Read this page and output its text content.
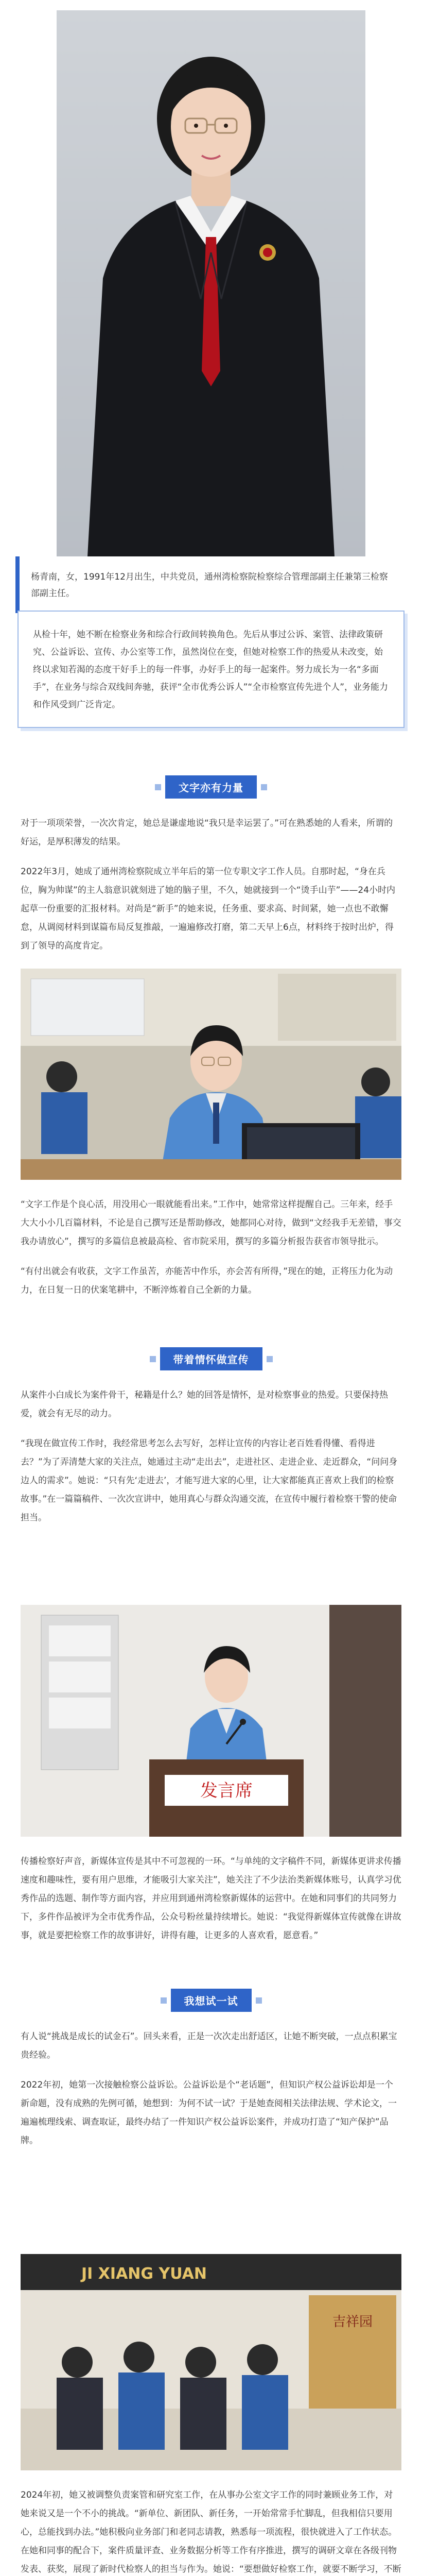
杨青南，女，1991年12月出生，中共党员，通州湾检察院检察综合管理部副主任兼第三检察部副主任。

从检十年，她不断在检察业务和综合行政间转换角色。先后从事过公诉、案管、法律政策研究、公益诉讼、宣传、办公室等工作，虽然岗位在变，但她对检察工作的热爱从未改变，始终以求知若渴的态度干好手上的每一件事，办好手上的每一起案件。努力成长为一名“多面手”，在业务与综合双线间奔驰，获评“全市优秀公诉人”“全市检察宣传先进个人”，业务能力和作风受到广泛肯定。

文字亦有力量

对于一项项荣誉，一次次肯定，她总是谦虚地说“我只是幸运罢了。”可在熟悉她的人看来，所谓的好运，是厚积薄发的结果。

2022年3月，她成了通州湾检察院成立半年后的第一位专职文字工作人员。自那时起，“身在兵位，胸为帅谋”的主人翁意识就刻进了她的脑子里，不久，她就接到一个“烫手山芋”——24小时内起草一份重要的汇报材料。对尚是“新手”的她来说，任务重、要求高、时间紧，她一点也不敢懈怠，从调阅材料到谋篇布局反复推敲，一遍遍修改打磨，第二天早上6点，材料终于按时出炉，得到了领导的高度肯定。

“文字工作是个良心活，用没用心一眼就能看出来。”工作中，她常常这样提醒自己。三年来，经手大大小小几百篇材料，不论是自己撰写还是帮助修改，她都同心对待，做到“文经我手无差错，事交我办请放心”，撰写的多篇信息被最高检、省市院采用，撰写的多篇分析报告获省市领导批示。

“有付出就会有收获，文字工作虽苦，亦能苦中作乐，亦会苦有所得，”现在的她，正将压力化为动力，在日复一日的伏案笔耕中，不断淬炼着自己全新的力量。

带着情怀做宣传

从案件小白成长为案件骨干，秘籍是什么？她的回答是情怀，是对检察事业的热爱。只要保持热爱，就会有无尽的动力。

“我现在做宣传工作时，我经常思考怎么去写好，怎样让宣传的内容让老百姓看得懂、看得进去？”为了弄清楚大家的关注点，她通过主动“走出去”，走进社区、走进企业、走近群众，“问问身边人的需求”。她说：“只有先‘走进去’，才能写进大家的心里，让大家都能真正喜欢上我们的检察故事。”在一篇篇稿件、一次次宣讲中，她用真心与群众沟通交流，在宣传中履行着检察干警的使命担当。

发言席

传播检察好声音，新媒体宣传是其中不可忽视的一环。“与单纯的文字稿件不同，新媒体更讲求传播速度和趣味性，要有用户思维，才能吸引大家关注”，她关注了不少法治类新媒体账号，认真学习优秀作品的选题、制作等方面内容，并应用到通州湾检察新媒体的运营中。在她和同事们的共同努力下，多件作品被评为全市优秀作品，公众号粉丝量持续增长。她说：“我觉得新媒体宣传就像在讲故事，就是要把检察工作的故事讲好，讲得有趣，让更多的人喜欢看，愿意看。”

我想试一试

有人说“挑战是成长的试金石”。回头来看，正是一次次走出舒适区，让她不断突破，一点点积累宝贵经验。

2022年初，她第一次接触检察公益诉讼。公益诉讼是个“老话题”，但知识产权公益诉讼却是一个新命题，没有成熟的先例可循，她想到：为何不试一试？于是她查阅相关法律法规、学术论文，一遍遍梳理线索、调查取证，最终办结了一件知识产权公益诉讼案件，并成功打造了“知产保护”品牌。

JI XIANG YUAN
吉祥园

2024年初，她又被调整负责案管和研究室工作，在从事办公室文字工作的同时兼顾业务工作，对她来说又是一个不小的挑战。“新单位、新团队、新任务，一开始常常手忙脚乱，但我相信只要用心，总能找到办法。”她积极向业务部门和老同志请教，熟悉每一项流程，很快就进入了工作状态。在她和同事的配合下，案件质量评查、业务数据分析等工作有序推进，撰写的调研文章在各级刊物发表、获奖，展现了新时代检察人的担当与作为。她说：“要想做好检察工作，就要不断学习，不断
